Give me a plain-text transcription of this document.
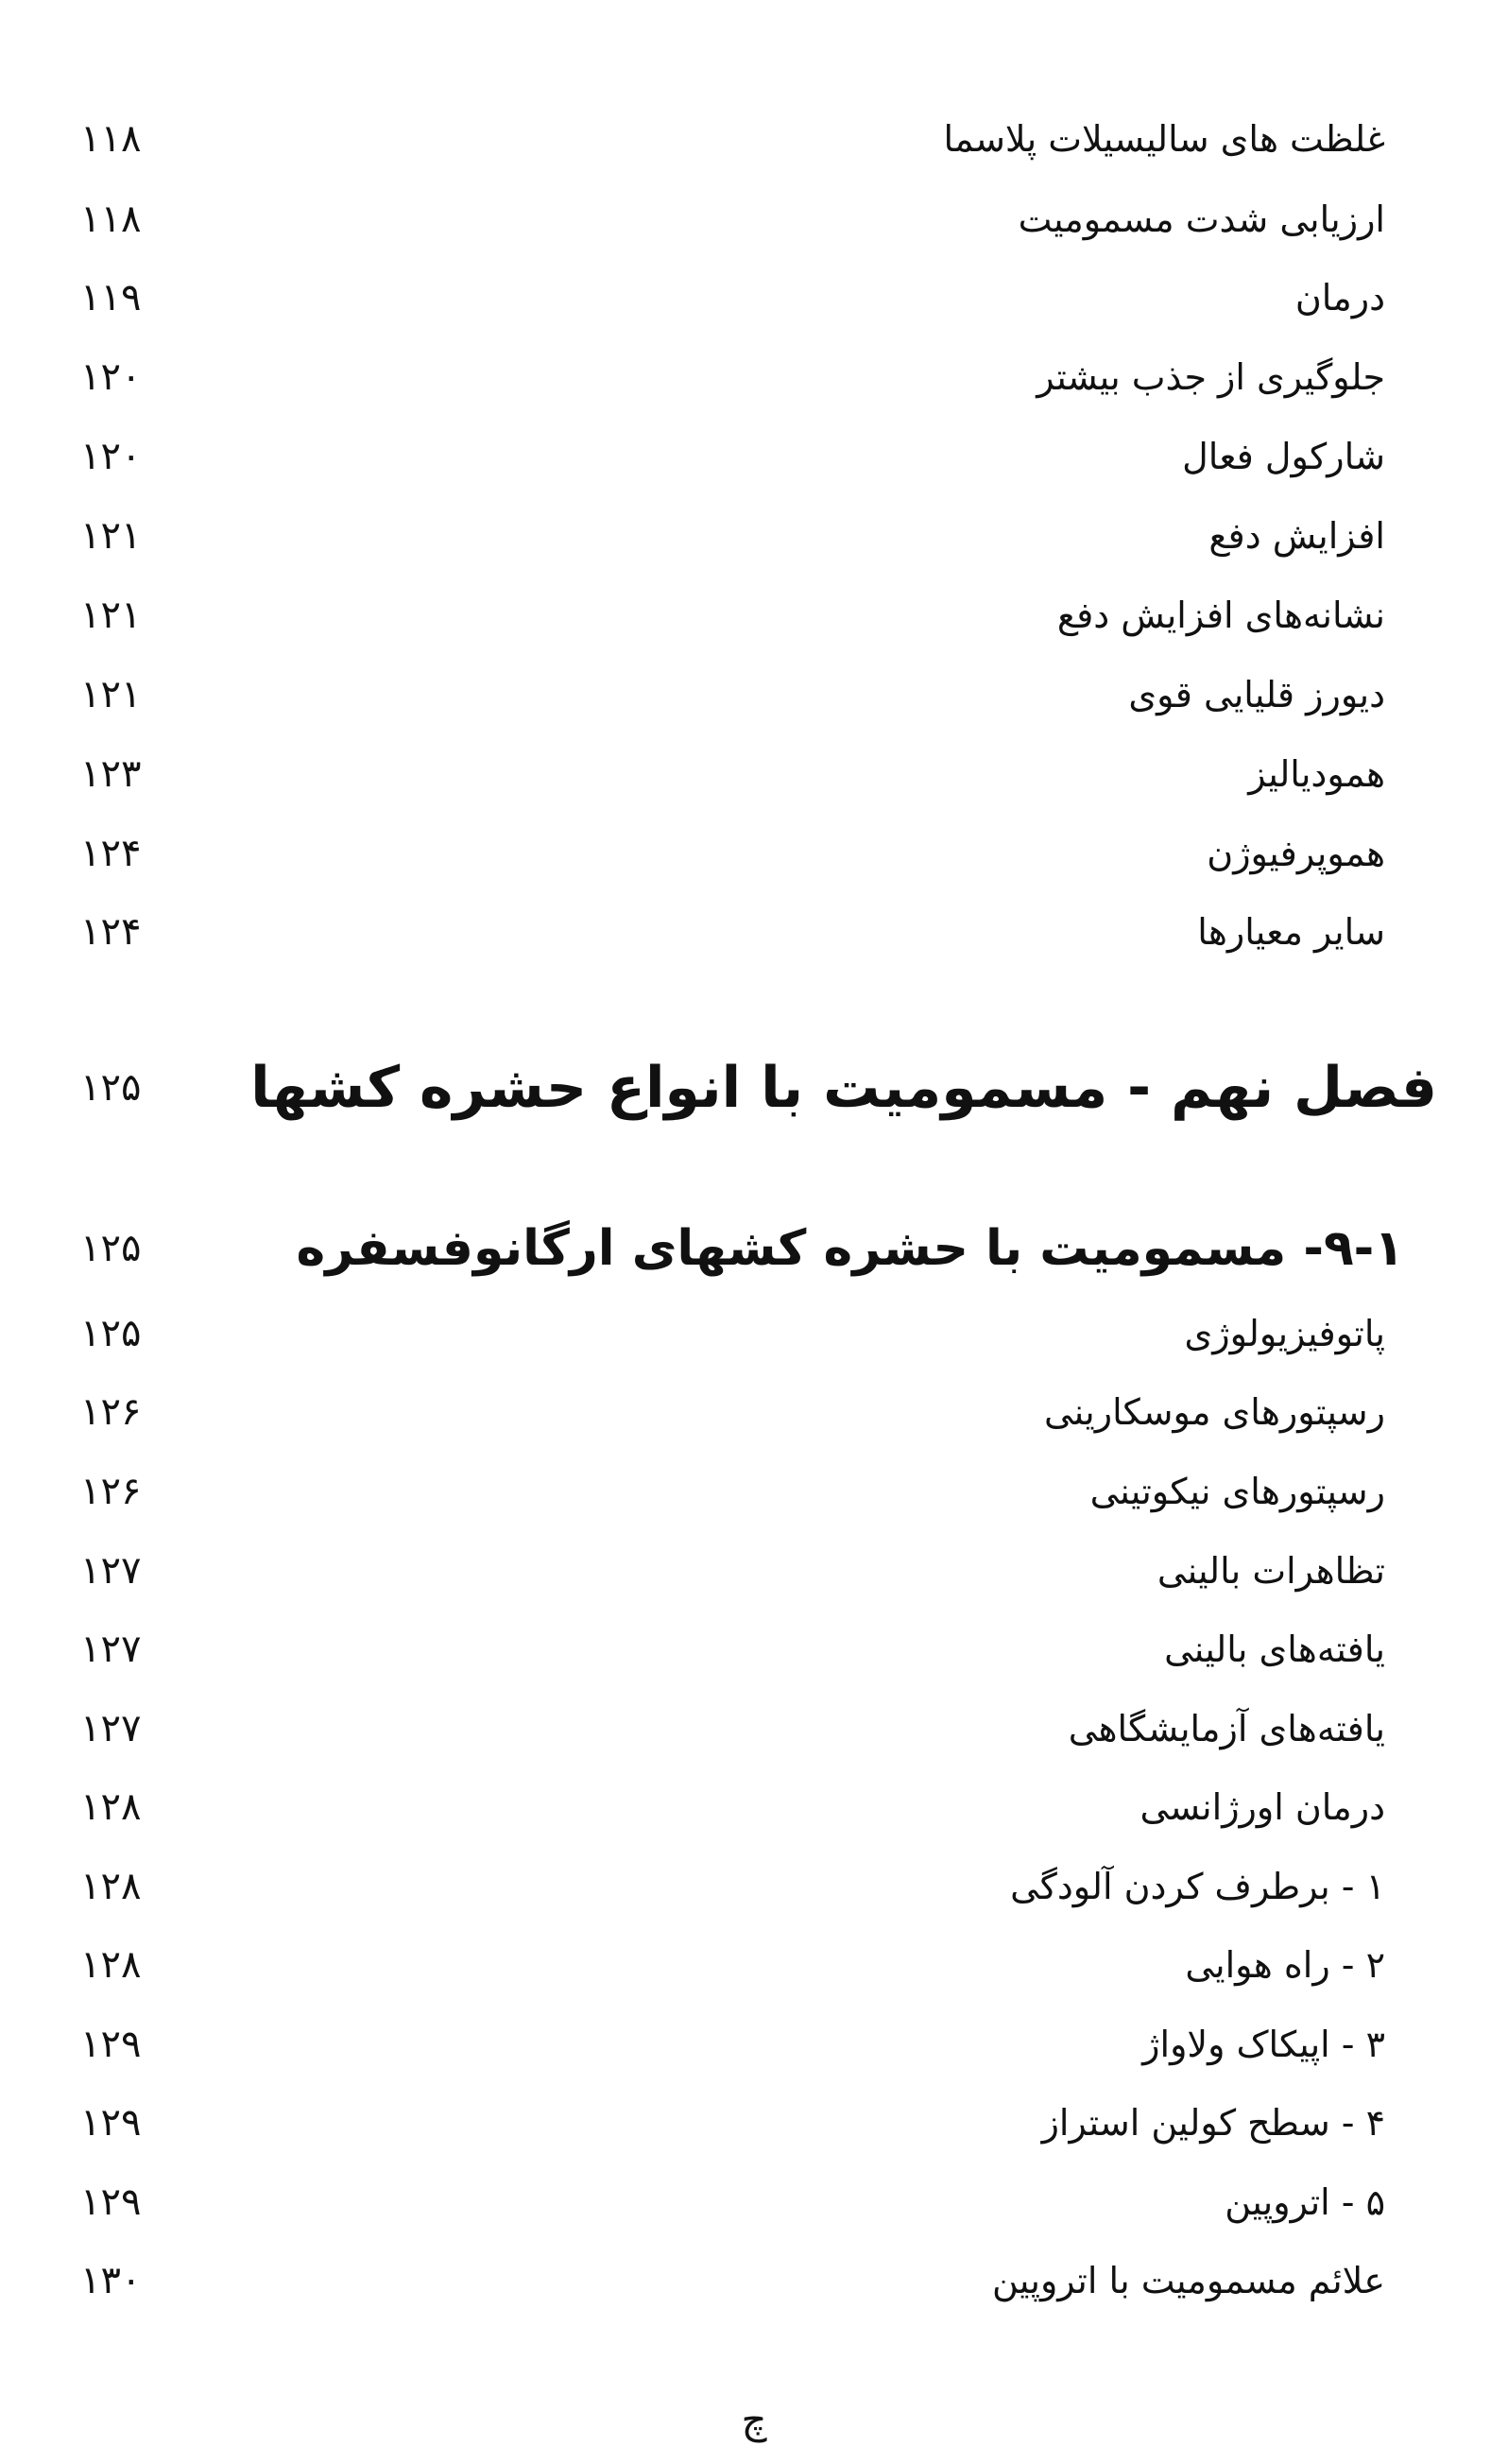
غلظت های سالیسیلات پلاسما
۱۱۸
ارزیابی شدت مسمومیت
۱۱۸
درمان
۱۱۹
جلوگیری از جذب بیشتر
۱۲۰
شارکول فعال
۱۲۰
افزایش دفع
۱۲۱
نشانه‌های افزایش دفع
۱۲۱
دیورز قلیایی قوی
۱۲۱
همودیالیز
۱۲۳
هموپرفیوژن
۱۲۴
سایر معیارها
۱۲۴
فصل نهم - مسمومیت با انواع حشره کشها
۱۲۵
۹-۱- مسمومیت با حشره کشهای ارگانوفسفره
۱۲۵
پاتوفیزیولوژی
۱۲۵
رسپتورهای موسکارینی
۱۲۶
رسپتورهای نیکوتینی
۱۲۶
تظاهرات بالینی
۱۲۷
یافته‌های بالینی
۱۲۷
یافته‌های آزمایشگاهی
۱۲۷
درمان اورژانسی
۱۲۸
۱ - برطرف کردن آلودگی
۱۲۸
۲ - راه هوایی
۱۲۸
۳ - اپیکاک ولاواژ
۱۲۹
۴ - سطح کولین استراز
۱۲۹
۵ - اتروپین
۱۲۹
علائم مسمومیت با اتروپین
۱۳۰
چ
